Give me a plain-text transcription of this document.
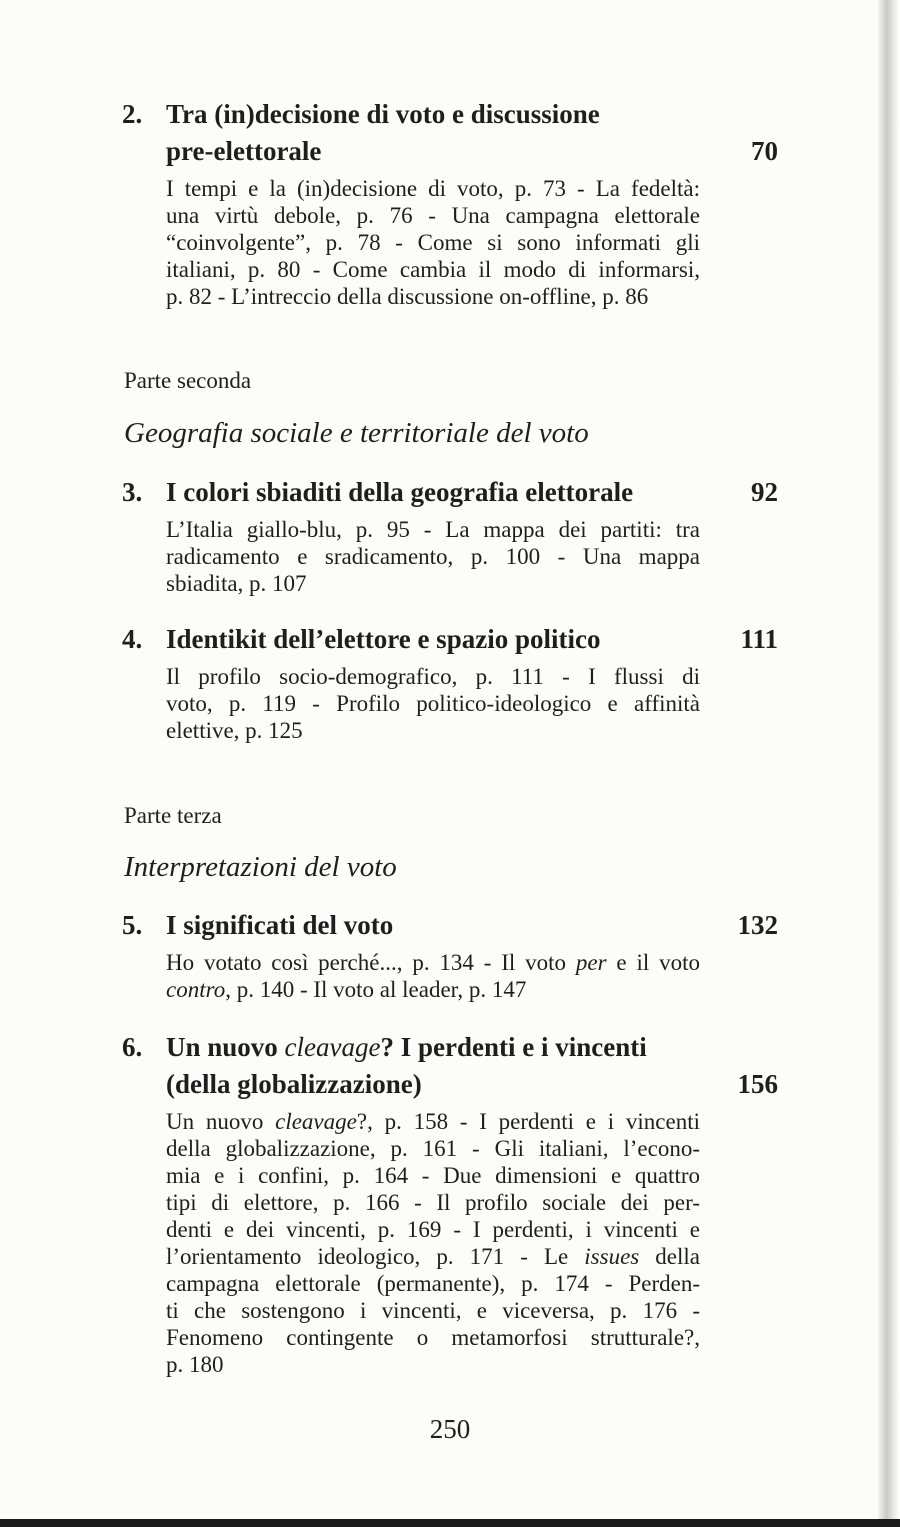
2. Tra (in)decisione di voto e discussione
pre-elettorale	70
I tempi e la (in)decisione di voto, p. 73 - La fedeltà:
una virtù debole, p. 76 - Una campagna elettorale
“coinvolgente”, p. 78 - Come si sono informati gli
italiani, p. 80 - Come cambia il modo di informarsi,
p. 82 - L’intreccio della discussione on-offline, p. 86
Parte seconda
Geografia sociale e territoriale del voto
3. I colori sbiaditi della geografia elettorale	92
L’Italia giallo-blu, p. 95 - La mappa dei partiti: tra
radicamento e sradicamento, p. 100 - Una mappa
sbiadita, p. 107
4. Identikit dell’elettore e spazio politico	111
Il profilo socio-demografico, p. 111 - I flussi di
voto, p. 119 - Profilo politico-ideologico e affinità
elettive, p. 125
Parte terza
Interpretazioni del voto
5. I significati del voto	132
Ho votato così perché..., p. 134 - Il voto per e il voto
contro, p. 140 - Il voto al leader, p. 147
6. Un nuovo cleavage? I perdenti e i vincenti
(della globalizzazione)	156
Un nuovo cleavage?, p. 158 - I perdenti e i vincenti
della globalizzazione, p. 161 - Gli italiani, l’econo-
mia e i confini, p. 164 - Due dimensioni e quattro
tipi di elettore, p. 166 - Il profilo sociale dei per-
denti e dei vincenti, p. 169 - I perdenti, i vincenti e
l’orientamento ideologico, p. 171 - Le issues della
campagna elettorale (permanente), p. 174 - Perden-
ti che sostengono i vincenti, e viceversa, p. 176 -
Fenomeno contingente o metamorfosi strutturale?,
p. 180
250
